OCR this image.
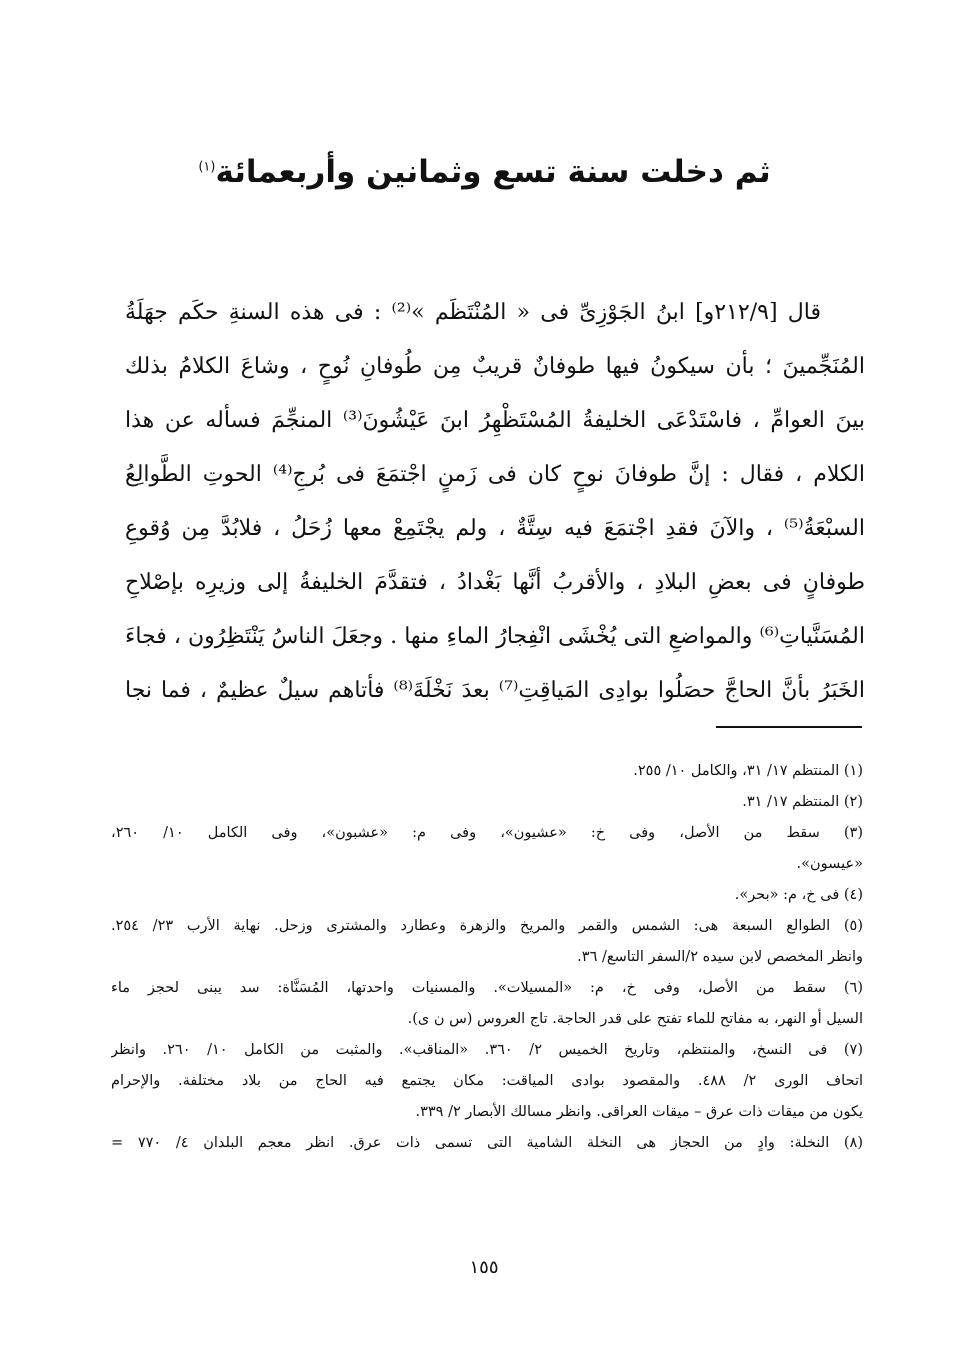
ثم دخلت سنة تسع وثمانين وأربعمائة$^{(١)}$
قال [٢١٢/٩و] ابنُ الجَوْزِىِّ فى « المُنْتَظَم »⁽²⁾ : فى هذه السنةِ حكَم جهَلَةُ
المُنَجِّمينَ ؛ بأن سيكونُ فيها طوفانٌ قريبٌ مِن طُوفانِ نُوحٍ ، وشاعَ الكلامُ بذلك
بينَ العوامِّ ، فاسْتَدْعَى الخليفةُ المُسْتَظْهِرُ ابنَ عَيْشُونَ⁽³⁾ المنجِّمَ فسأله عن هذا
الكلام ، فقال : إنَّ طوفانَ نوحٍ كان فى زَمنٍ اجْتمَعَ فى بُرجِ⁽⁴⁾ الحوتِ الطَّوالِعُ
السبْعَةُ⁽⁵⁾ ، والآنَ فقدِ اجْتمَعَ فيه سِتَّةٌ ، ولم يجْتَمِعْ معها زُحَلُ ، فلابُدَّ مِن وُقوعِ
طوفانٍ فى بعضِ البلادِ ، والأقربُ أنَّها بَغْدادُ ، فتقدَّمَ الخليفةُ إلى وزيرِه بإصْلاحِ
المُسَنَّياتِ⁽⁶⁾ والمواضعِ التى يُخْشَى انْفِجارُ الماءِ منها . وجعَلَ الناسُ يَنْتَظِرُون ، فجاءَ
الخَبَرُ بأنَّ الحاجَّ حصَلُوا بوادِى المَياقِتِ⁽⁷⁾ بعدَ نَخْلَةَ⁽⁸⁾ فأتاهم سيلٌ عظيمٌ ، فما نجا
(١) المنتظم ١٧/ ٣١، والكامل ١٠/ ٢٥٥.
(٢) المنتظم ١٧/ ٣١.
(٣) سقط من الأصل، وفى خ: «عشيون»، وفى م: «عشبون»، وفى الكامل ١٠/ ٢٦٠،
«عيسون».
(٤) فى خ، م: «بحر».
(٥) الطوالع السبعة هى: الشمس والقمر والمريخ والزهرة وعطارد والمشترى وزحل. نهاية الأرب ٢٣/ ٢٥٤.
وانظر المخصص لابن سيده ٢/السفر التاسع/ ٣٦.
(٦) سقط من الأصل، وفى خ، م: «المسيلات». والمسنيات واحدتها، المُسَنَّاة: سد يبنى لحجز ماء
السيل أو النهر، به مفاتح للماء تفتح على قدر الحاجة. تاج العروس (س ن ى).
(٧) فى النسخ، والمنتظم، وتاريخ الخميس ٢/ ٣٦٠. «المناقب». والمثبت من الكامل ١٠/ ٢٦٠. وانظر
اتحاف الورى ٢/ ٤٨٨. والمقصود بوادى المياقت: مكان يجتمع فيه الحاج من بلاد مختلفة. والإحرام
يكون من ميقات ذات عرق – ميقات العراقى. وانظر مسالك الأبصار ٢/ ٣٣٩.
(٨) النخلة: وادٍ من الحجاز هى النخلة الشامية التى تسمى ذات عرق. انظر معجم البلدان ٤/ ٧٧٠ =
١٥٥
